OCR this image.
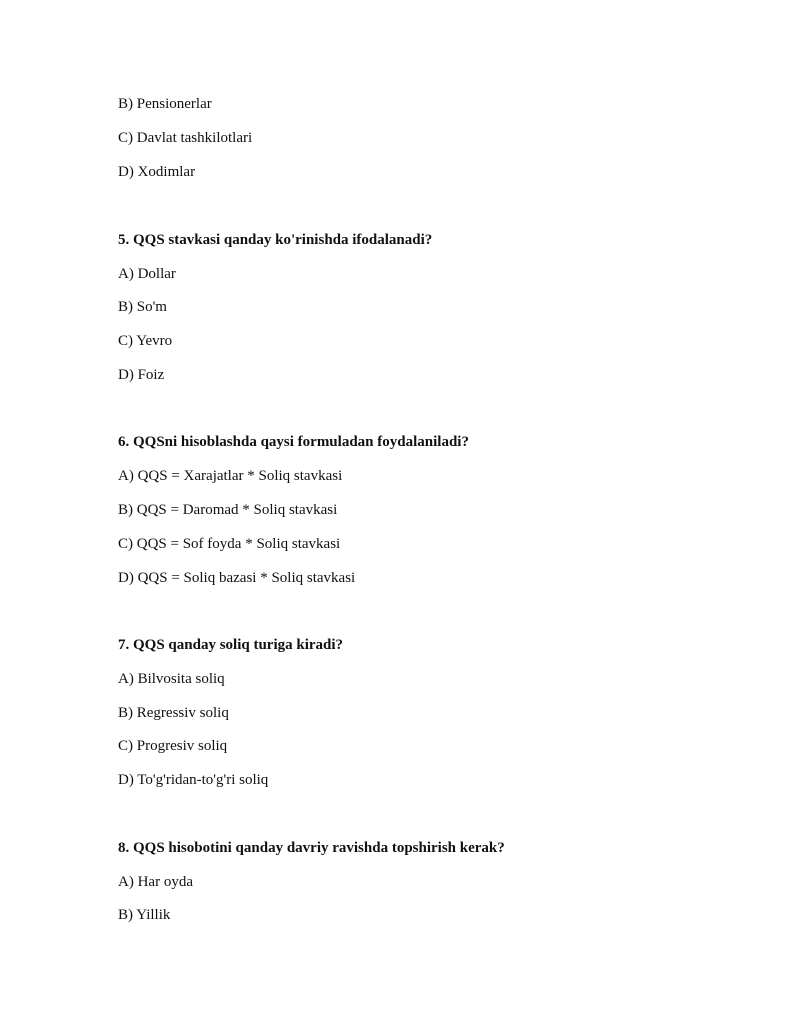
B) Pensionerlar
C) Davlat tashkilotlari
D) Xodimlar
5. QQS stavkasi qanday ko'rinishda ifodalanadi?
A) Dollar
B) So'm
C) Yevro
D) Foiz
6. QQSni hisoblashda qaysi formuladan foydalaniladi?
A) QQS = Xarajatlar * Soliq stavkasi
B) QQS = Daromad * Soliq stavkasi
C) QQS = Sof foyda * Soliq stavkasi
D) QQS = Soliq bazasi * Soliq stavkasi
7. QQS qanday soliq turiga kiradi?
A) Bilvosita soliq
B) Regressiv soliq
C) Progresiv soliq
D) To'g'ridan-to'g'ri soliq
8. QQS hisobotini qanday davriy ravishda topshirish kerak?
A) Har oyda
B) Yillik
